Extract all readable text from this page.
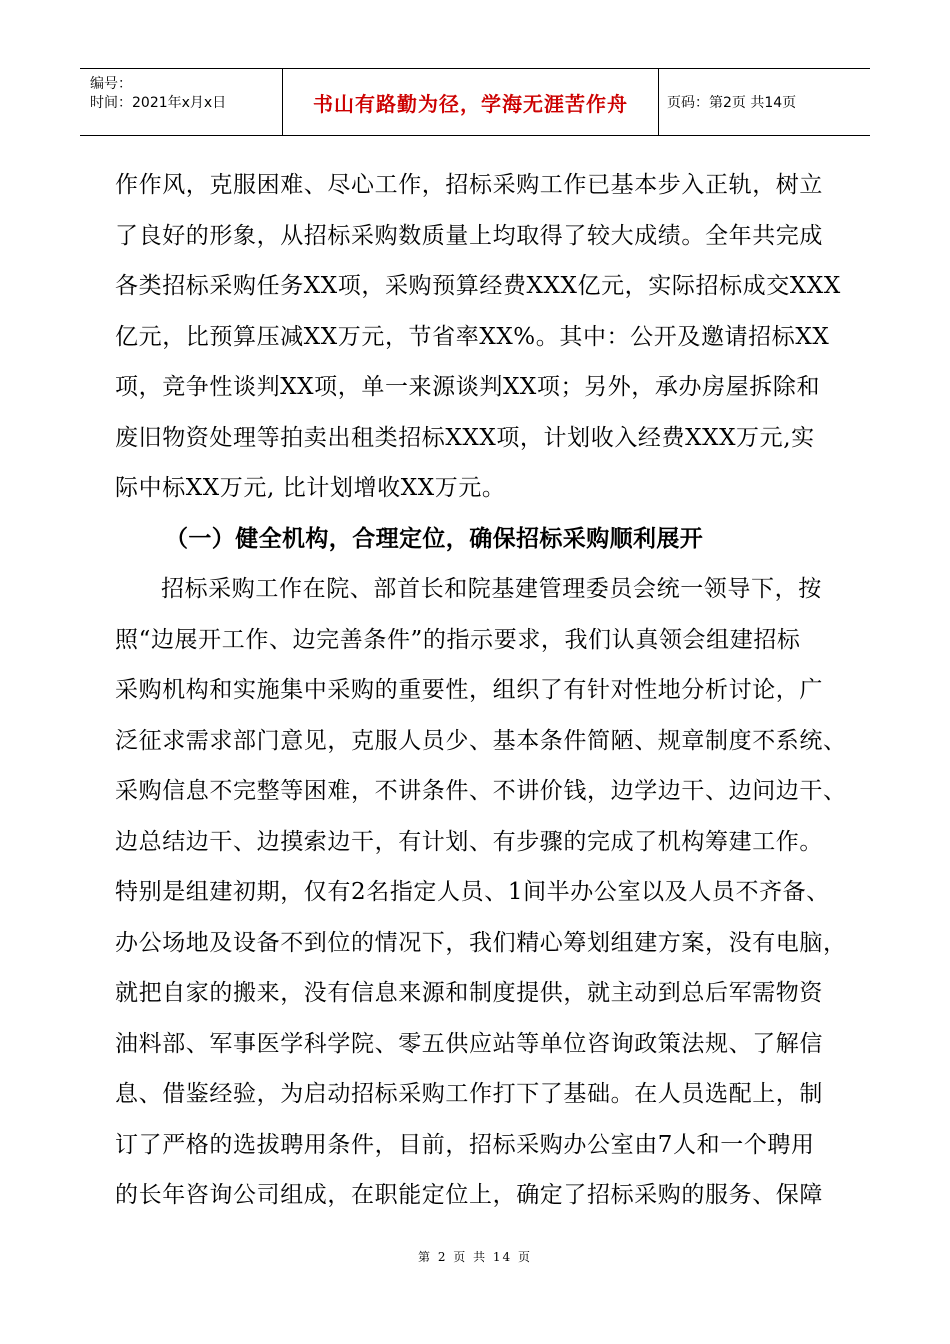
编号：
时间：2021年x月x日	书山有路勤为径，学海无涯苦作舟	页码：第2页 共14页
作作风，克服困难、尽心工作，招标采购工作已基本步入正轨，树立
了良好的形象，从招标采购数质量上均取得了较大成绩。全年共完成
各类招标采购任务XX项，采购预算经费XXX亿元，实际招标成交XXX
亿元，比预算压减XX万元，节省率XX%。其中：公开及邀请招标XX
项，竞争性谈判XX项，单一来源谈判XX项；另外，承办房屋拆除和
废旧物资处理等拍卖出租类招标XXX项，计划收入经费XXX万元,实
际中标XX万元, 比计划增收XX万元。
（一）健全机构，合理定位，确保招标采购顺利展开
招标采购工作在院、部首长和院基建管理委员会统一领导下，按
照“边展开工作、边完善条件”的指示要求，我们认真领会组建招标
采购机构和实施集中采购的重要性，组织了有针对性地分析讨论，广
泛征求需求部门意见，克服人员少、基本条件简陋、规章制度不系统、
采购信息不完整等困难，不讲条件、不讲价钱，边学边干、边问边干、
边总结边干、边摸索边干，有计划、有步骤的完成了机构筹建工作。
特别是组建初期，仅有2名指定人员、1间半办公室以及人员不齐备、
办公场地及设备不到位的情况下，我们精心筹划组建方案，没有电脑，
就把自家的搬来，没有信息来源和制度提供，就主动到总后军需物资
油料部、军事医学科学院、零五供应站等单位咨询政策法规、了解信
息、借鉴经验，为启动招标采购工作打下了基础。在人员选配上，制
订了严格的选拔聘用条件，目前，招标采购办公室由7人和一个聘用
的长年咨询公司组成，在职能定位上，确定了招标采购的服务、保障
第 2 页 共 14 页
